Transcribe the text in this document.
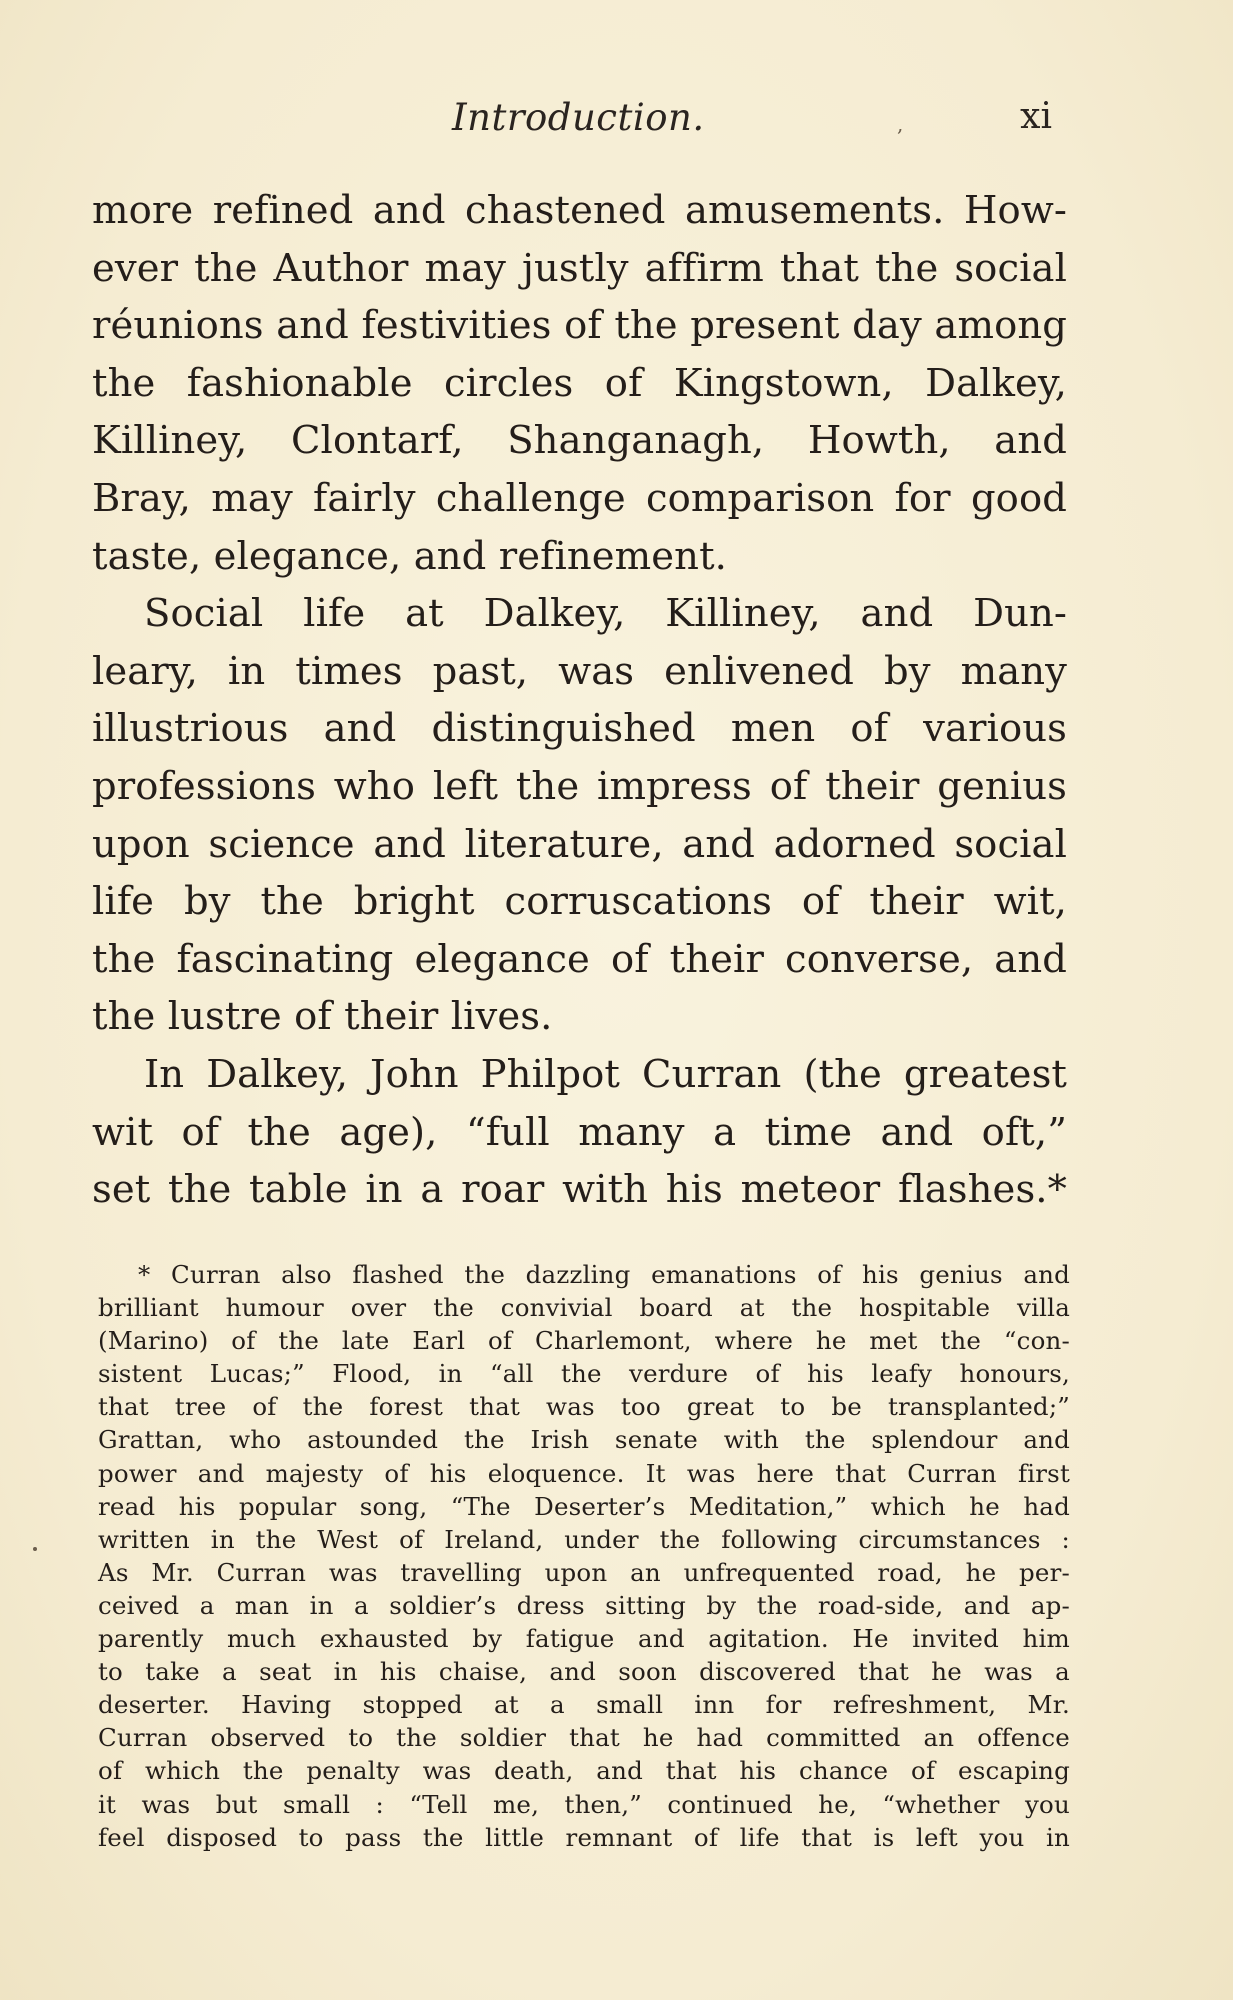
Introduction.	xi
,
more refined and chastened amusements. How-
ever the Author may justly affirm that the social
réunions and festivities of the present day among
the fashionable circles of Kingstown, Dalkey,
Killiney, Clontarf, Shanganagh, Howth, and
Bray, may fairly challenge comparison for good
taste, elegance, and refinement.
Social life at Dalkey, Killiney, and Dun-
leary, in times past, was enlivened by many
illustrious and distinguished men of various
professions who left the impress of their genius
upon science and literature, and adorned social
life by the bright corruscations of their wit,
the fascinating elegance of their converse, and
the lustre of their lives.
In Dalkey, John Philpot Curran (the greatest
wit of the age), “full many a time and oft,”
set the table in a roar with his meteor flashes.*
* Curran also flashed the dazzling emanations of his genius and
brilliant humour over the convivial board at the hospitable villa
(Marino) of the late Earl of Charlemont, where he met the “con-
sistent Lucas;” Flood, in “all the verdure of his leafy honours,
that tree of the forest that was too great to be transplanted;”
Grattan, who astounded the Irish senate with the splendour and
power and majesty of his eloquence. It was here that Curran first
read his popular song, “The Deserter’s Meditation,” which he had
written in the West of Ireland, under the following circumstances :
As Mr. Curran was travelling upon an unfrequented road, he per-
ceived a man in a soldier’s dress sitting by the road-side, and ap-
parently much exhausted by fatigue and agitation. He invited him
to take a seat in his chaise, and soon discovered that he was a
deserter. Having stopped at a small inn for refreshment, Mr.
Curran observed to the soldier that he had committed an offence
of which the penalty was death, and that his chance of escaping
it was but small : “Tell me, then,” continued he, “whether you
feel disposed to pass the little remnant of life that is left you in
